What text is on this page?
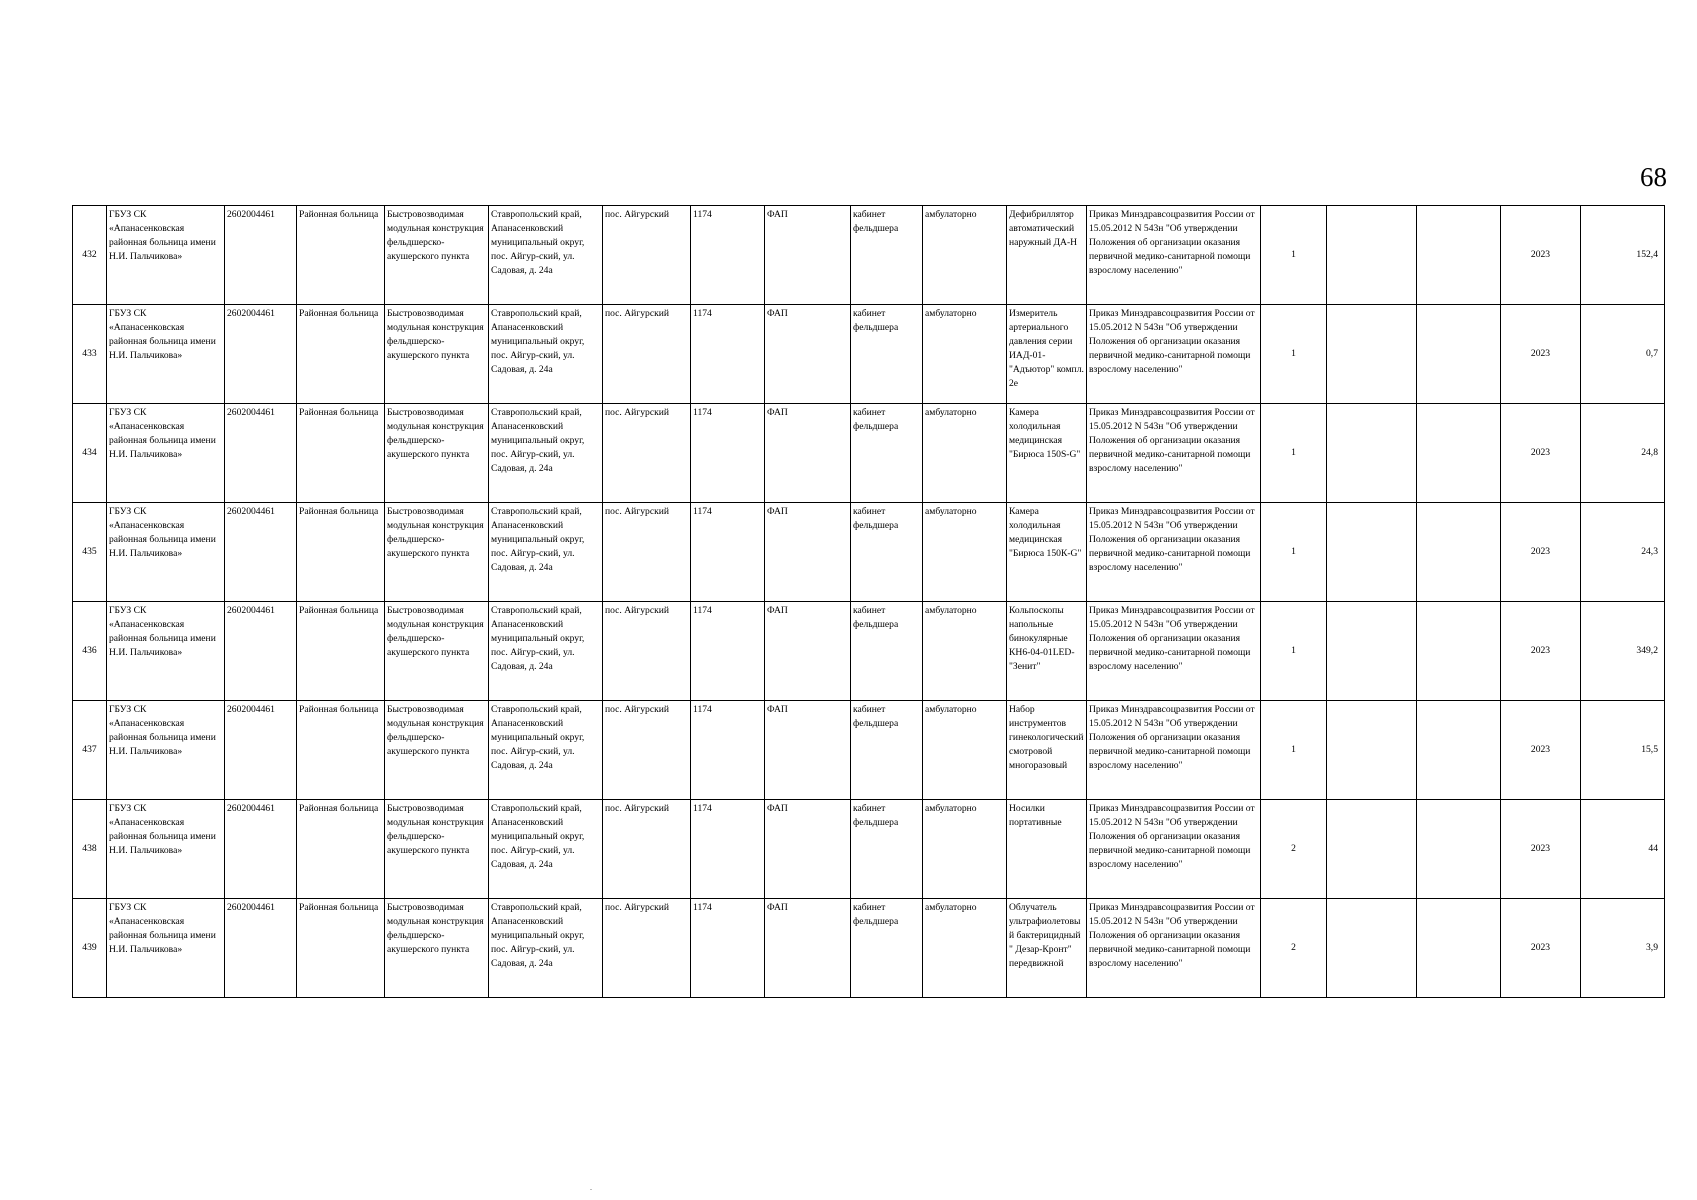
68
432	ГБУЗ СК «Апанасенковская районная больница имени Н.И. Пальчикова»	2602004461	Районная больница	Быстровозводимая модульная конструкция фельдшерско-акушерского пункта	Ставропольский край, Апанасенковский муниципальный округ, пос. Айгур-ский, ул. Садовая, д. 24а	пос. Айгурский	1174	ФАП	кабинет фельдшера	амбулаторно	Дефибриллятор автоматический наружный ДА-Н	Приказ Минздравсоцразвития России от 15.05.2012 N 543н "Об утверждении Положения об организации оказания первичной медико-санитарной помощи взрослому населению"	1			2023	152,4
433	ГБУЗ СК «Апанасенковская районная больница имени Н.И. Пальчикова»	2602004461	Районная больница	Быстровозводимая модульная конструкция фельдшерско-акушерского пункта	Ставропольский край, Апанасенковский муниципальный округ, пос. Айгур-ский, ул. Садовая, д. 24а	пос. Айгурский	1174	ФАП	кабинет фельдшера	амбулаторно	Измеритель артериального давления серии ИАД-01-"Адъютор" компл. 2е	Приказ Минздравсоцразвития России от 15.05.2012 N 543н "Об утверждении Положения об организации оказания первичной медико-санитарной помощи взрослому населению"	1			2023	0,7
434	ГБУЗ СК «Апанасенковская районная больница имени Н.И. Пальчикова»	2602004461	Районная больница	Быстровозводимая модульная конструкция фельдшерско-акушерского пункта	Ставропольский край, Апанасенковский муниципальный округ, пос. Айгур-ский, ул. Садовая, д. 24а	пос. Айгурский	1174	ФАП	кабинет фельдшера	амбулаторно	Камера холодильная медицинская "Бирюса 150S-G"	Приказ Минздравсоцразвития России от 15.05.2012 N 543н "Об утверждении Положения об организации оказания первичной медико-санитарной помощи взрослому населению"	1			2023	24,8
435	ГБУЗ СК «Апанасенковская районная больница имени Н.И. Пальчикова»	2602004461	Районная больница	Быстровозводимая модульная конструкция фельдшерско-акушерского пункта	Ставропольский край, Апанасенковский муниципальный округ, пос. Айгур-ский, ул. Садовая, д. 24а	пос. Айгурский	1174	ФАП	кабинет фельдшера	амбулаторно	Камера холодильная медицинская "Бирюса 150К-G"	Приказ Минздравсоцразвития России от 15.05.2012 N 543н "Об утверждении Положения об организации оказания первичной медико-санитарной помощи взрослому населению"	1			2023	24,3
436	ГБУЗ СК «Апанасенковская районная больница имени Н.И. Пальчикова»	2602004461	Районная больница	Быстровозводимая модульная конструкция фельдшерско-акушерского пункта	Ставропольский край, Апанасенковский муниципальный округ, пос. Айгур-ский, ул. Садовая, д. 24а	пос. Айгурский	1174	ФАП	кабинет фельдшера	амбулаторно	Кольпоскопы напольные бинокулярные КН6-04-01LED-"Зенит"	Приказ Минздравсоцразвития России от 15.05.2012 N 543н "Об утверждении Положения об организации оказания первичной медико-санитарной помощи взрослому населению"	1			2023	349,2
437	ГБУЗ СК «Апанасенковская районная больница имени Н.И. Пальчикова»	2602004461	Районная больница	Быстровозводимая модульная конструкция фельдшерско-акушерского пункта	Ставропольский край, Апанасенковский муниципальный округ, пос. Айгур-ский, ул. Садовая, д. 24а	пос. Айгурский	1174	ФАП	кабинет фельдшера	амбулаторно	Набор инструментов гинекологический смотровой многоразовый	Приказ Минздравсоцразвития России от 15.05.2012 N 543н "Об утверждении Положения об организации оказания первичной медико-санитарной помощи взрослому населению"	1			2023	15,5
438	ГБУЗ СК «Апанасенковская районная больница имени Н.И. Пальчикова»	2602004461	Районная больница	Быстровозводимая модульная конструкция фельдшерско-акушерского пункта	Ставропольский край, Апанасенковский муниципальный округ, пос. Айгур-ский, ул. Садовая, д. 24а	пос. Айгурский	1174	ФАП	кабинет фельдшера	амбулаторно	Носилки портативные	Приказ Минздравсоцразвития России от 15.05.2012 N 543н "Об утверждении Положения об организации оказания первичной медико-санитарной помощи взрослому населению"	2			2023	44
439	ГБУЗ СК «Апанасенковская районная больница имени Н.И. Пальчикова»	2602004461	Районная больница	Быстровозводимая модульная конструкция фельдшерско-акушерского пункта	Ставропольский край, Апанасенковский муниципальный округ, пос. Айгур-ский, ул. Садовая, д. 24а	пос. Айгурский	1174	ФАП	кабинет фельдшера	амбулаторно	Облучатель ультрафиолетовый бактерицидный " Дезар-Кронт" передвижной	Приказ Минздравсоцразвития России от 15.05.2012 N 543н "Об утверждении Положения об организации оказания первичной медико-санитарной помощи взрослому населению"	2			2023	3,9
.
